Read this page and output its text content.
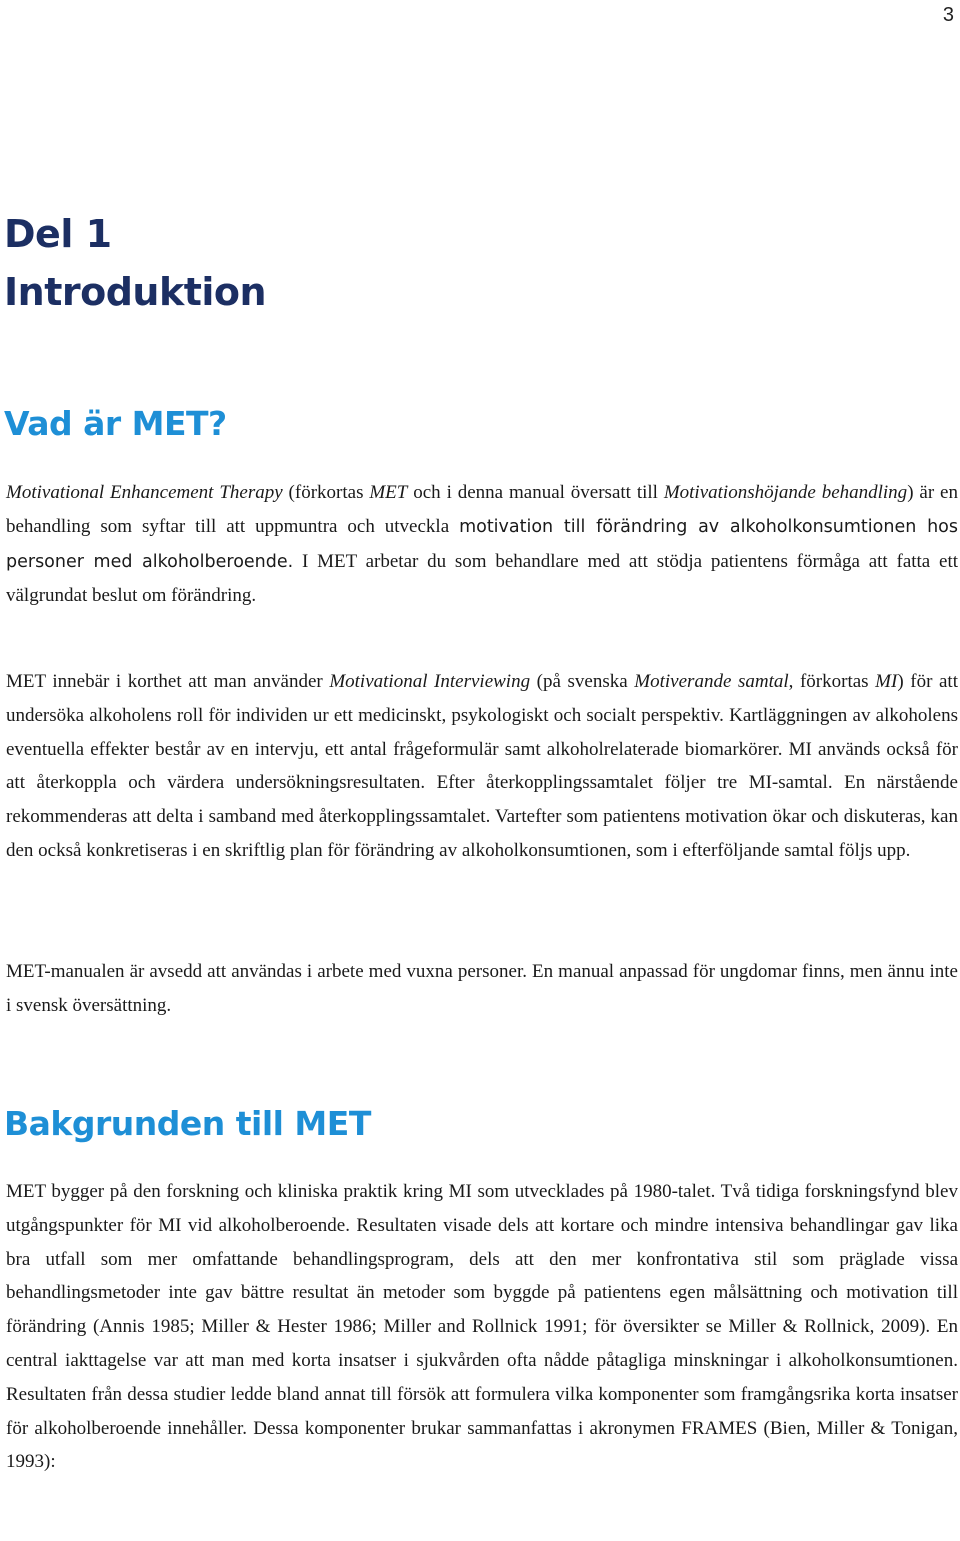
3
Del 1
Introduktion
Vad är MET?

Motivational Enhancement Therapy (förkortas MET och i denna manual översatt till Motivationshöjande behandling) är en behandling som syftar till att uppmuntra och utveckla motivation till förändring av alkoholkonsumtionen hos personer med alkoholberoende. I MET arbetar du som behandlare med att stödja patientens förmåga att fatta ett välgrundat beslut om förändring.

MET innebär i korthet att man använder Motivational Interviewing (på svenska Motiverande samtal, förkortas MI) för att undersöka alkoholens roll för individen ur ett medicinskt, psykologiskt och socialt perspektiv. Kartläggningen av alkoholens eventuella effekter består av en intervju, ett antal frågeformulär samt alkoholrelaterade biomarkörer. MI används också för att återkoppla och värdera undersökningsresultaten. Efter återkopplingssamtalet följer tre MI-samtal. En närstående rekommenderas att delta i samband med återkopplingssamtalet. Vartefter som patientens motivation ökar och diskuteras, kan den också konkretiseras i en skriftlig plan för förändring av alkoholkonsumtionen, som i efterföljande samtal följs upp.

MET-manualen är avsedd att användas i arbete med vuxna personer. En manual anpassad för ungdomar finns, men ännu inte i svensk översättning.

Bakgrunden till MET

MET bygger på den forskning och kliniska praktik kring MI som utvecklades på 1980-talet. Två tidiga forskningsfynd blev utgångspunkter för MI vid alkoholberoende. Resultaten visade dels att kortare och mindre intensiva behandlingar gav lika bra utfall som mer omfattande behandlingsprogram, dels att den mer konfrontativa stil som präglade vissa behandlingsmetoder inte gav bättre resultat än metoder som byggde på patientens egen målsättning och motivation till förändring (Annis 1985; Miller & Hester 1986; Miller and Rollnick 1991; för översikter se Miller & Rollnick, 2009). En central iakttagelse var att man med korta insatser i sjukvården ofta nådde påtagliga minskningar i alkoholkonsumtionen. Resultaten från dessa studier ledde bland annat till försök att formulera vilka komponenter som framgångsrika korta insatser för alkoholberoende innehåller. Dessa komponenter brukar sammanfattas i akronymen FRAMES (Bien, Miller & Tonigan, 1993):
